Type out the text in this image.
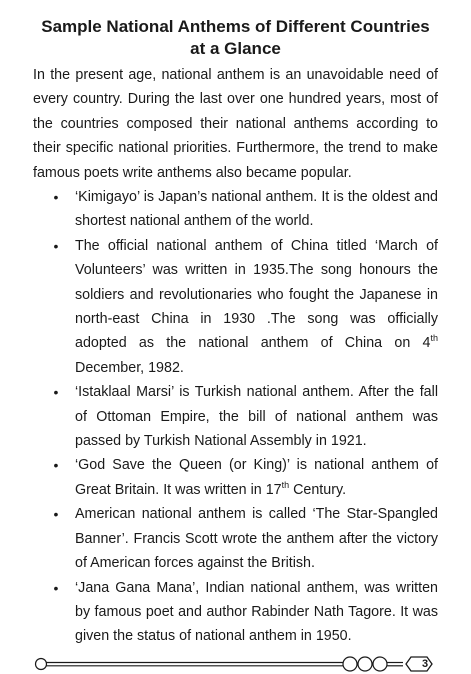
Sample National Anthems of Different Countries
at a Glance
In the present age, national anthem is an unavoidable need of every country. During the last over one hundred years, most of the countries composed their national anthems according to their specific national priorities. Furthermore, the trend to make famous poets write anthems also became popular.
• ‘Kimigayo’ is Japan’s national anthem. It is the oldest and shortest national anthem of the world.
• The official national anthem of China titled ‘March of Volunteers’ was written in 1935.The song honours the soldiers and revolutionaries who fought the Japanese in north-east China in 1930 .The song was officially adopted as the national anthem of China on 4th December, 1982.
• ‘Istaklaal Marsi’ is Turkish national anthem. After the fall of Ottoman Empire, the bill of national anthem was passed by Turkish National Assembly in 1921.
• ‘God Save the Queen (or King)’ is national anthem of Great Britain. It was written in 17th Century.
• American national anthem is called ‘The Star-Spangled Banner’. Francis Scott wrote the anthem after the victory of American forces against the British.
• ‘Jana Gana Mana’, Indian national anthem, was written by famous poet and author Rabinder Nath Tagore. It was given the status of national anthem in 1950.
3
